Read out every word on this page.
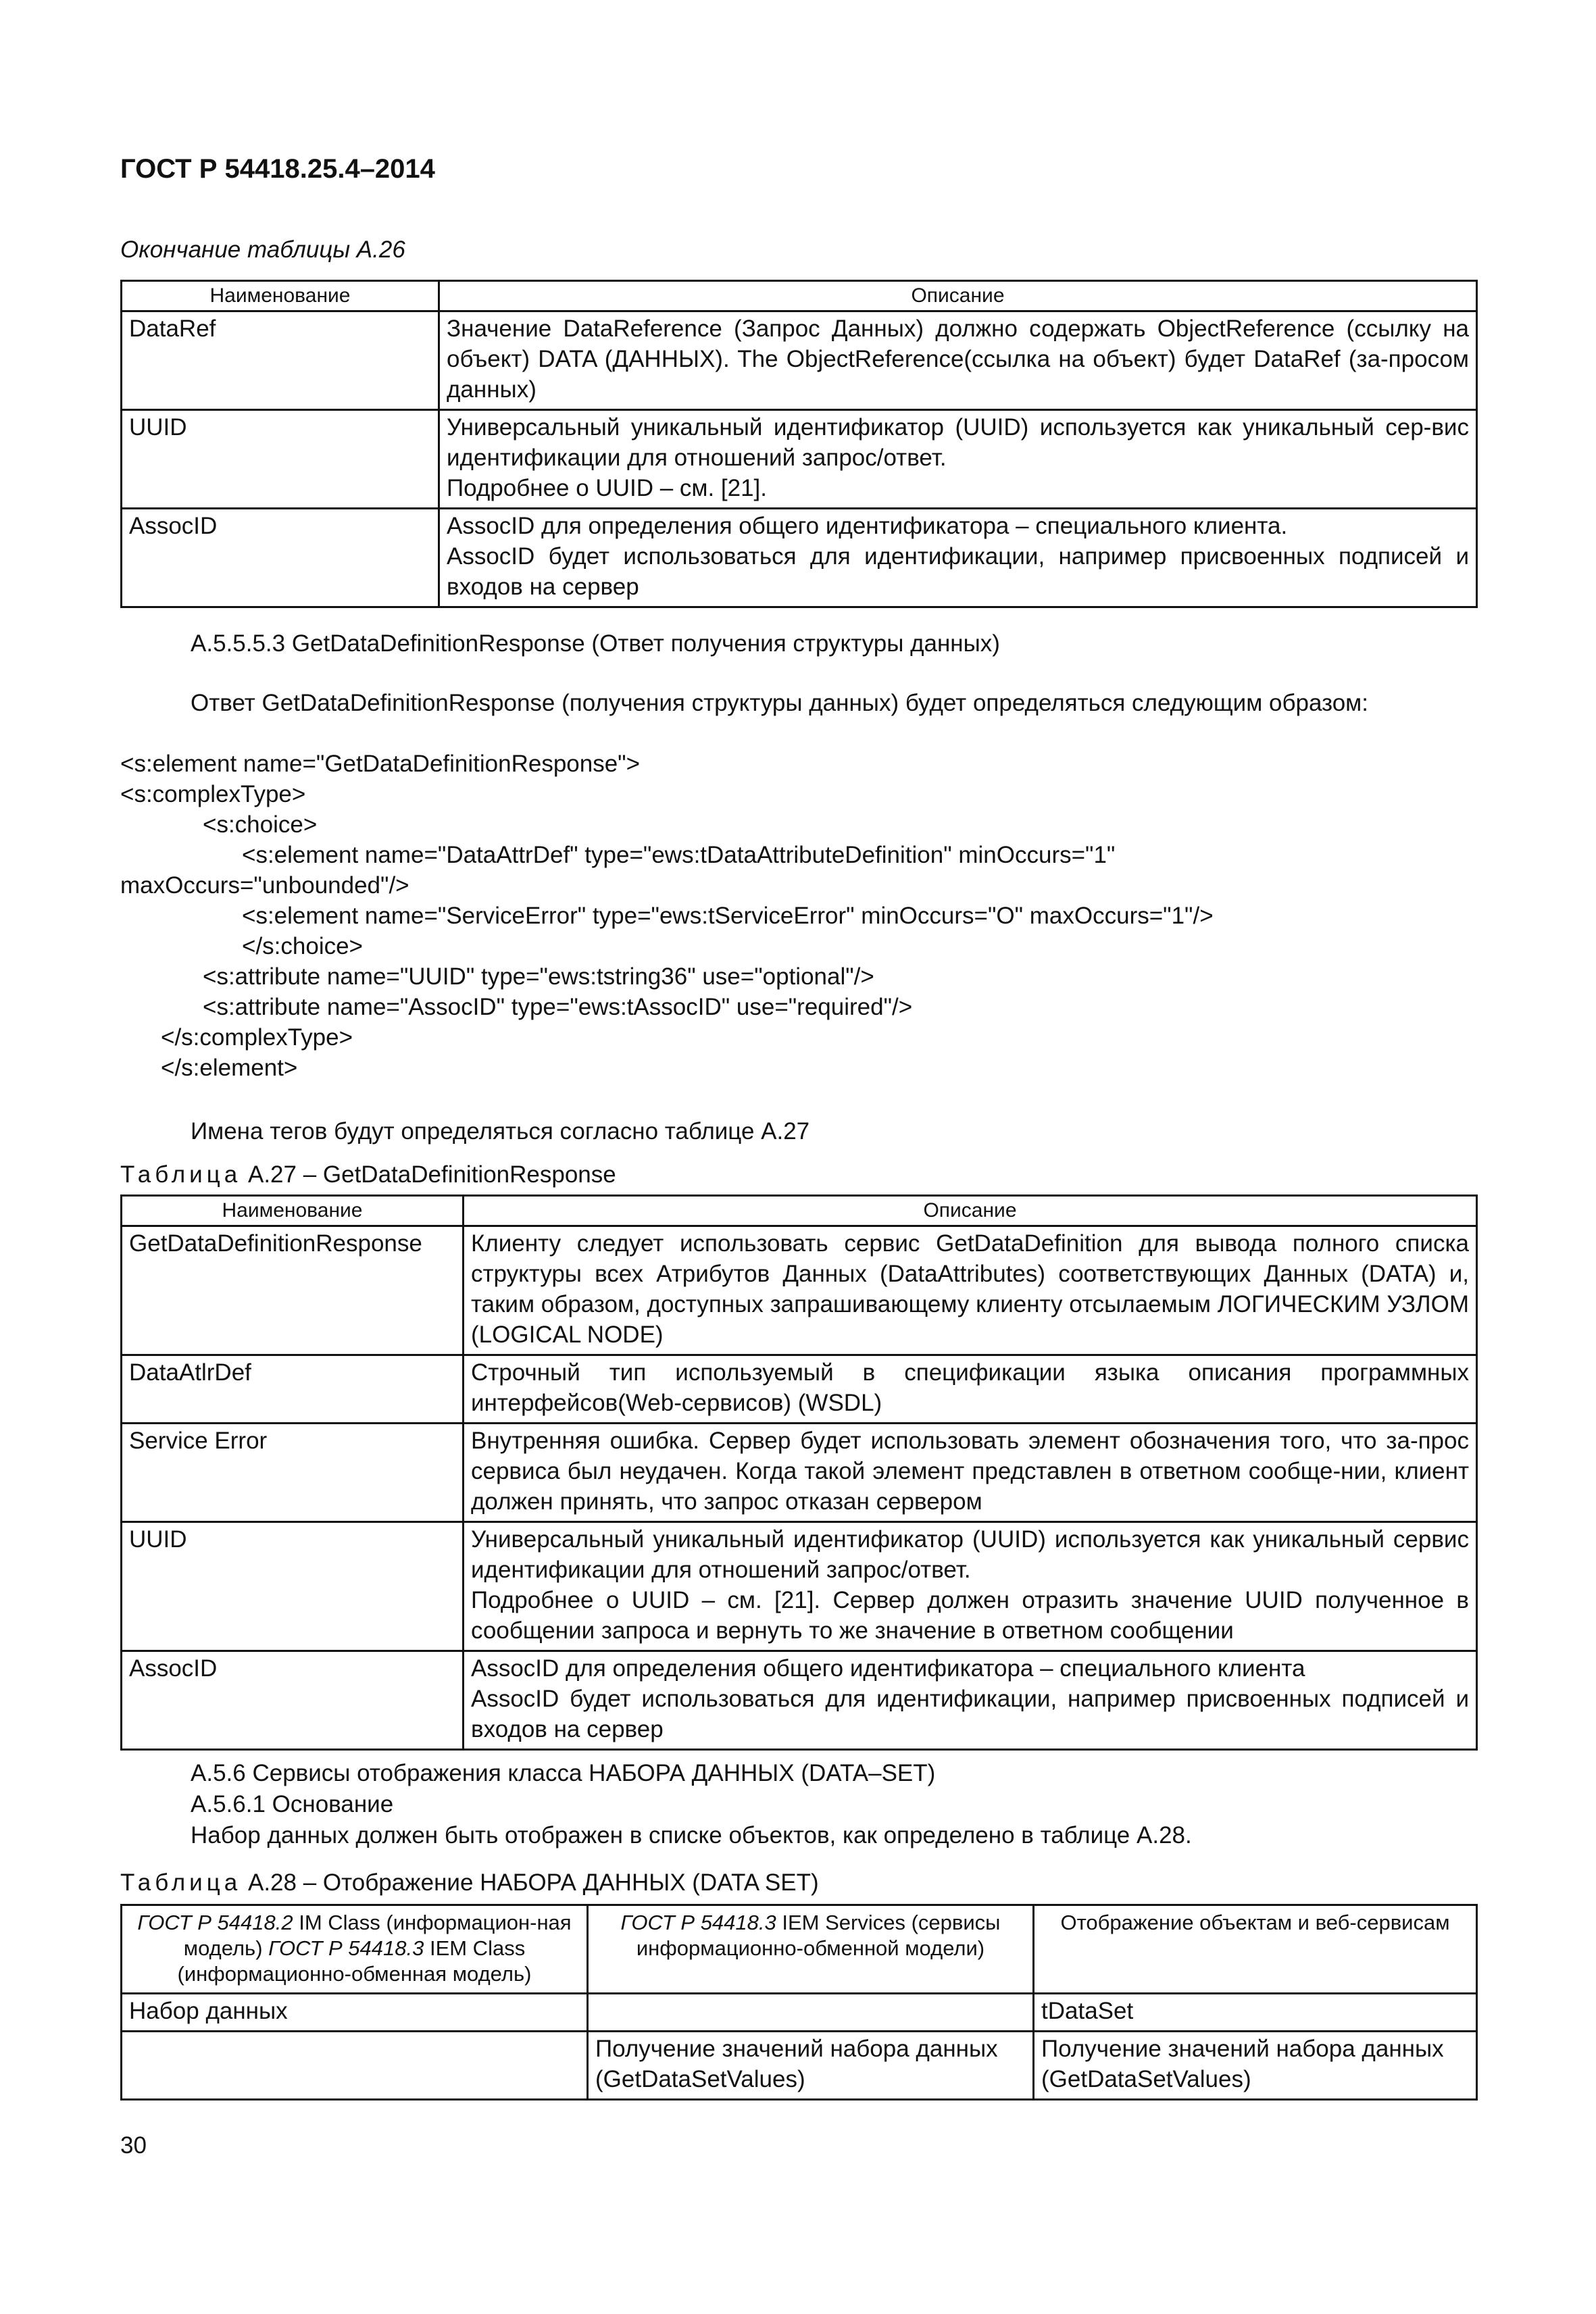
ГОСТ Р 54418.25.4–2014
Окончание таблицы А.26
Наименование	Описание
DataRef	Значение DataReference (Запрос Данных) должно содержать ObjectReference (ссылку на объект) DATA (ДАННЫХ). The ObjectReference(ссылка на объект) будет DataRef (за-просом данных)
UUID	Универсальный уникальный идентификатор (UUID) используется как уникальный сер-вис идентификации для отношений запрос/ответ.
Подробнее о UUID – см. [21].

AssocID	AssocID для определения общего идентификатора – специального клиента.
AssocID будет использоваться для идентификации, например присвоенных подписей и входов на сервер
А.5.5.5.3 GetDataDefinitionResponse (Ответ получения структуры данных)
Ответ GetDataDefinitionResponse (получения структуры данных) будет определяться следующим образом:
<s:element name="GetDataDefinitionResponse">
<s:complexType>
<s:choice>
<s:element name="DataAttrDef" type="ews:tDataAttributeDefinition" minOccurs="1"
maxOccurs="unbounded"/>
<s:element name="ServiceError" type="ews:tServiceError" minOccurs="O" maxOccurs="1"/>
</s:choice>
<s:attribute name="UUID" type="ews:tstring36" use="optional"/>
<s:attribute name="AssocID" type="ews:tAssocID" use="required"/>
</s:complexType>
</s:element>
Имена тегов будут определяться согласно таблице А.27
Таблица А.27 – GetDataDefinitionResponse
Наименование	Описание
GetDataDefinitionResponse	Клиенту следует использовать сервис GetDataDefinition для вывода полного списка структуры всех Атрибутов Данных (DataAttributes) соответствующих Данных (DATA) и, таким образом, доступных запрашивающему клиенту отсылаемым ЛОГИЧЕСКИМ УЗЛОМ (LOGICAL NODE)
DataAtlrDef	Строчный тип используемый в спецификации языка описания программных интерфейсов(Web-сервисов) (WSDL)
Service Error	Внутренняя ошибка. Сервер будет использовать элемент обозначения того, что за-прос сервиса был неудачен. Когда такой элемент представлен в ответном сообще-нии, клиент должен принять, что запрос отказан сервером
UUID	Универсальный уникальный идентификатор (UUID) используется как уникальный сервис идентификации для отношений запрос/ответ.
Подробнее о UUID – см. [21]. Сервер должен отразить значение UUID полученное в сообщении запроса и вернуть то же значение в ответном сообщении

AssocID	AssocID для определения общего идентификатора – специального клиента
AssocID будет использоваться для идентификации, например присвоенных подписей и входов на сервер
А.5.6 Сервисы отображения класса НАБОРА ДАННЫХ (DATA–SET)
А.5.6.1 Основание
Набор данных должен быть отображен в списке объектов, как определено в таблице А.28.
Таблица А.28 – Отображение НАБОРА ДАННЫХ (DATA SET)
ГОСТ Р 54418.2 IM Class (информацион-ная модель) ГОСТ Р 54418.3 IEM Class (информационно-обменная модель)	ГОСТ Р 54418.3 IEM Services (сервисы информационно-обменной модели)	Отображение объектам и веб-сервисам
Набор данных		tDataSet
	Получение значений набора данных (GetDataSetValues)	Получение значений набора данных (GetDataSetValues)
30
